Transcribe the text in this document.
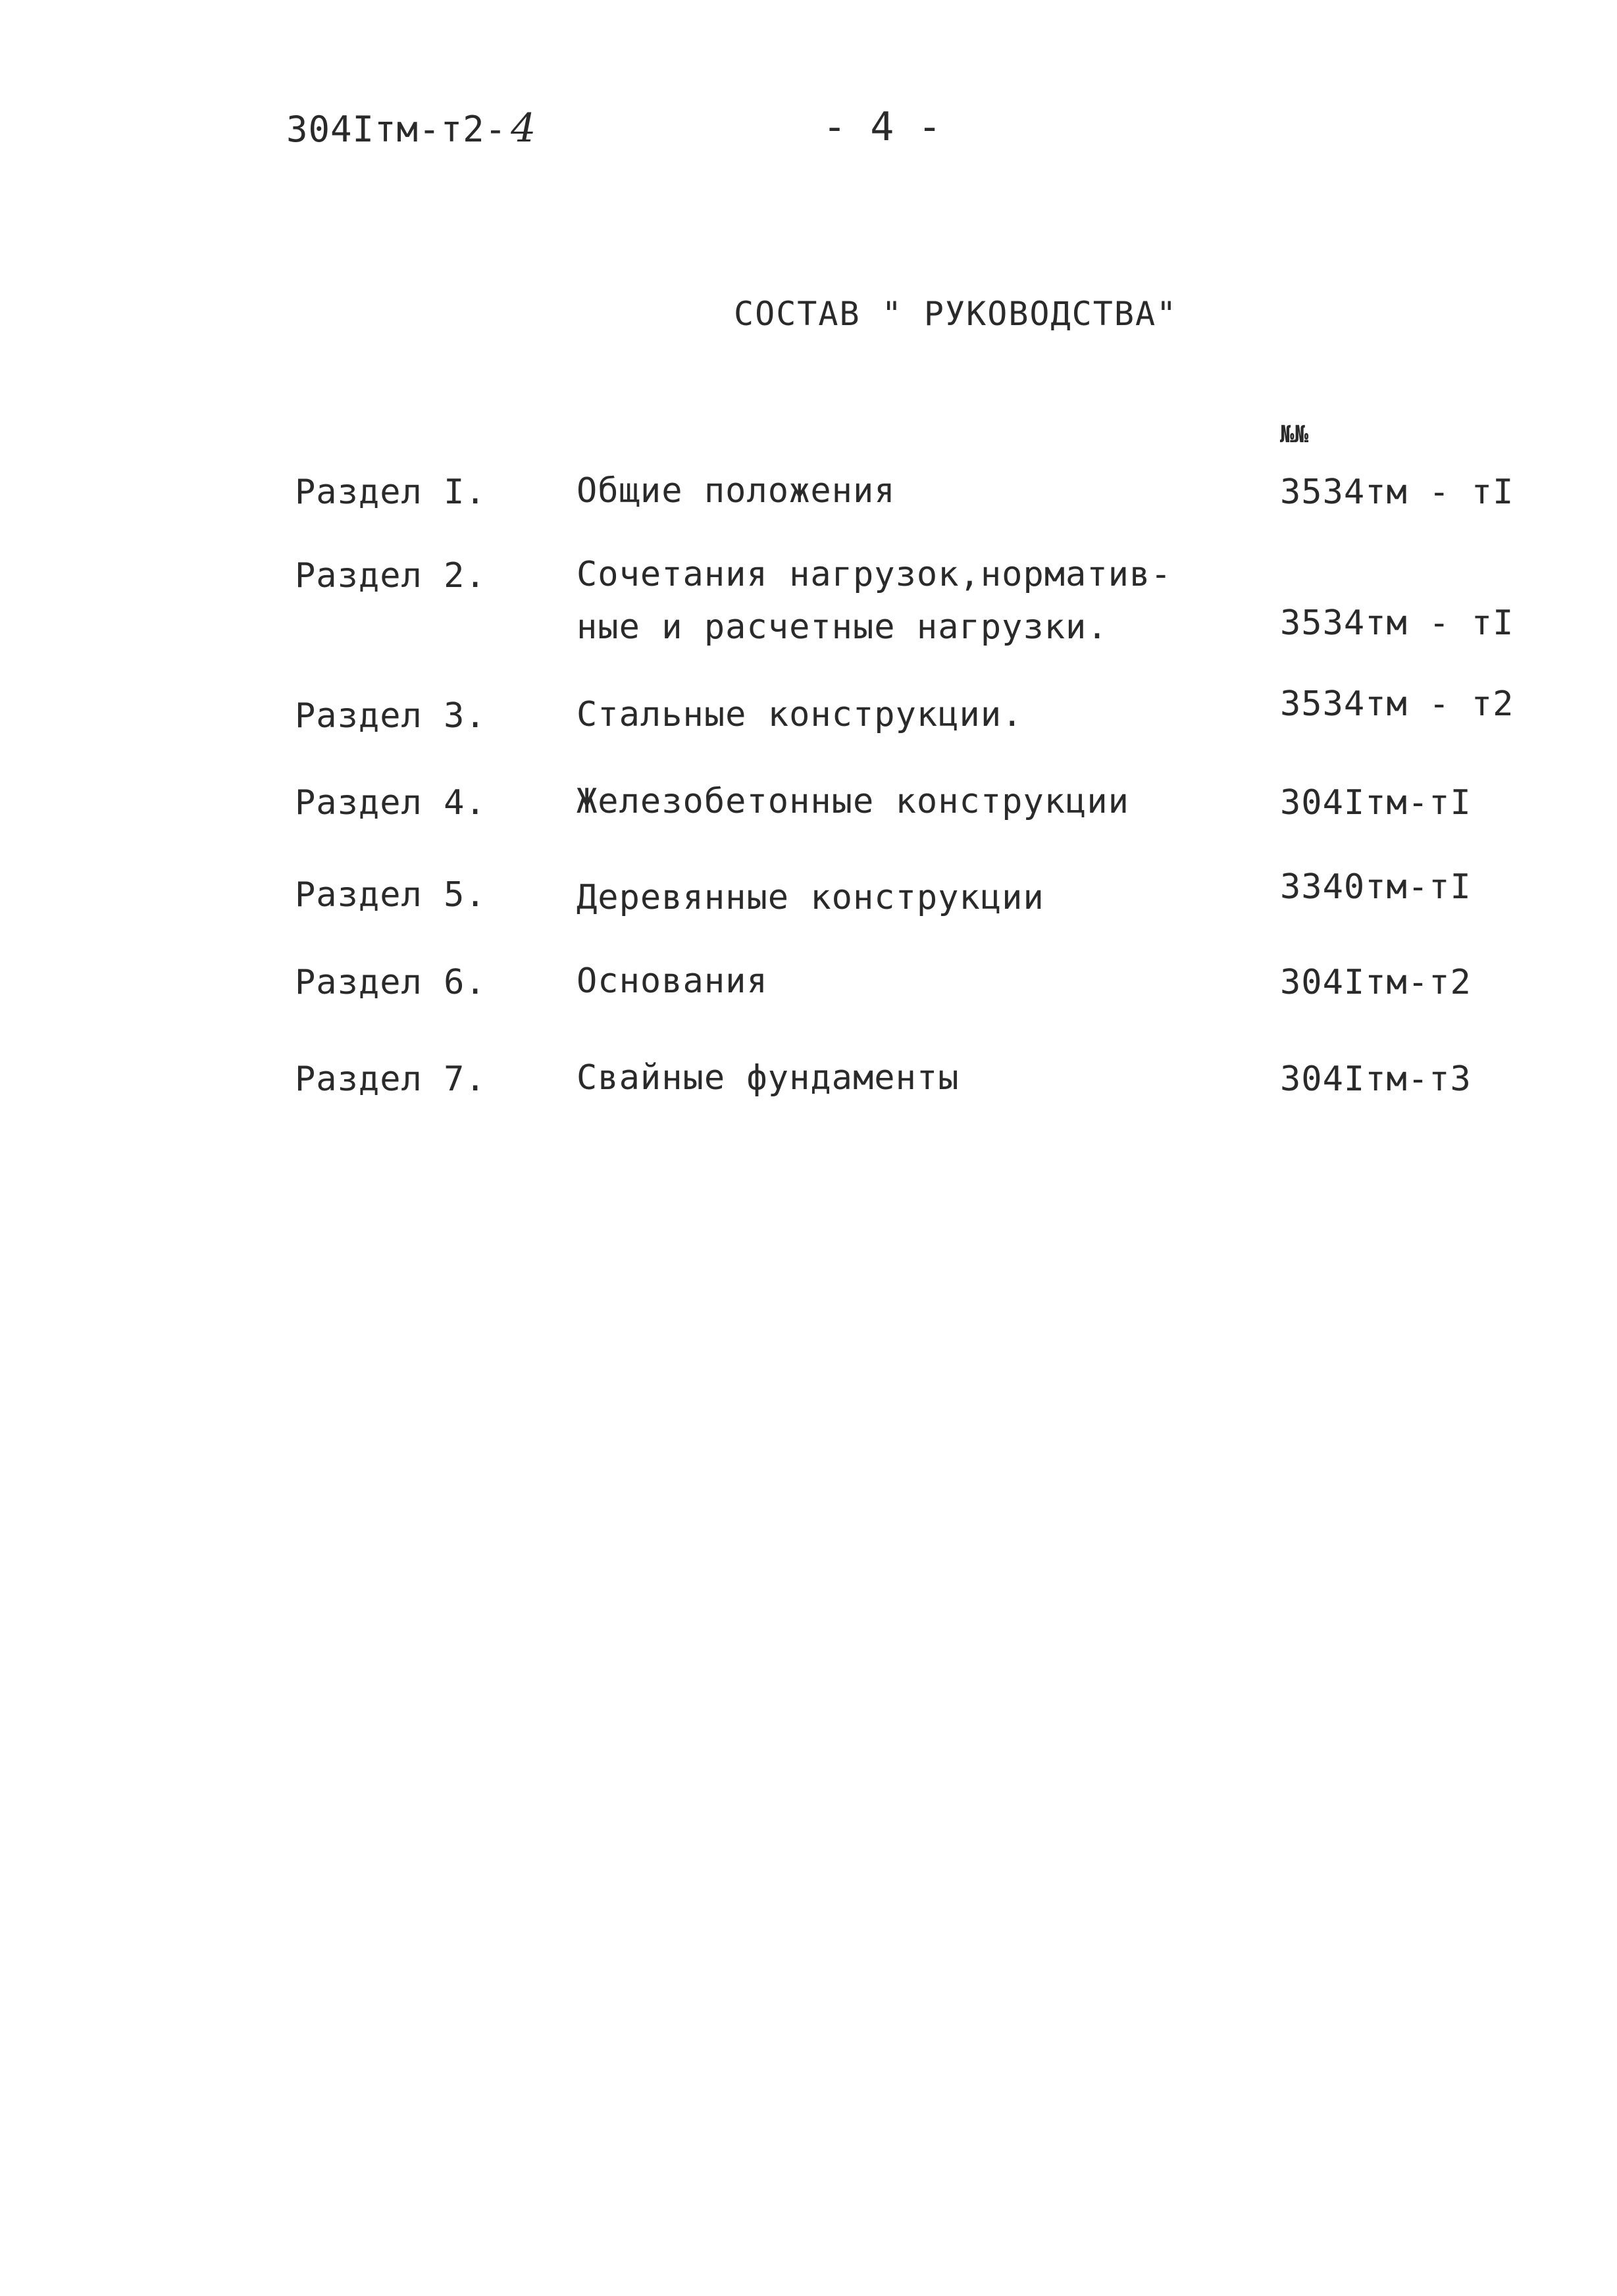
304Iтм-т2- 4	- 4 -
СОСТАВ " РУКОВОДСТВА"
№№
Раздел I.	Общие положения	3534тм - тI
Раздел 2.	Сочетания нагрузок,норматив-
ные и расчетные нагрузки.	3534тм - тI
Раздел 3.	Стальные конструкции.	3534тм - т2
Раздел 4.	Железобетонные конструкции	304Iтм-тI
Раздел 5.	Деревянные конструкции	3340тм-тI
Раздел 6.	Основания	304Iтм-т2
Раздел 7.	Свайные фундаменты	304Iтм-т3
